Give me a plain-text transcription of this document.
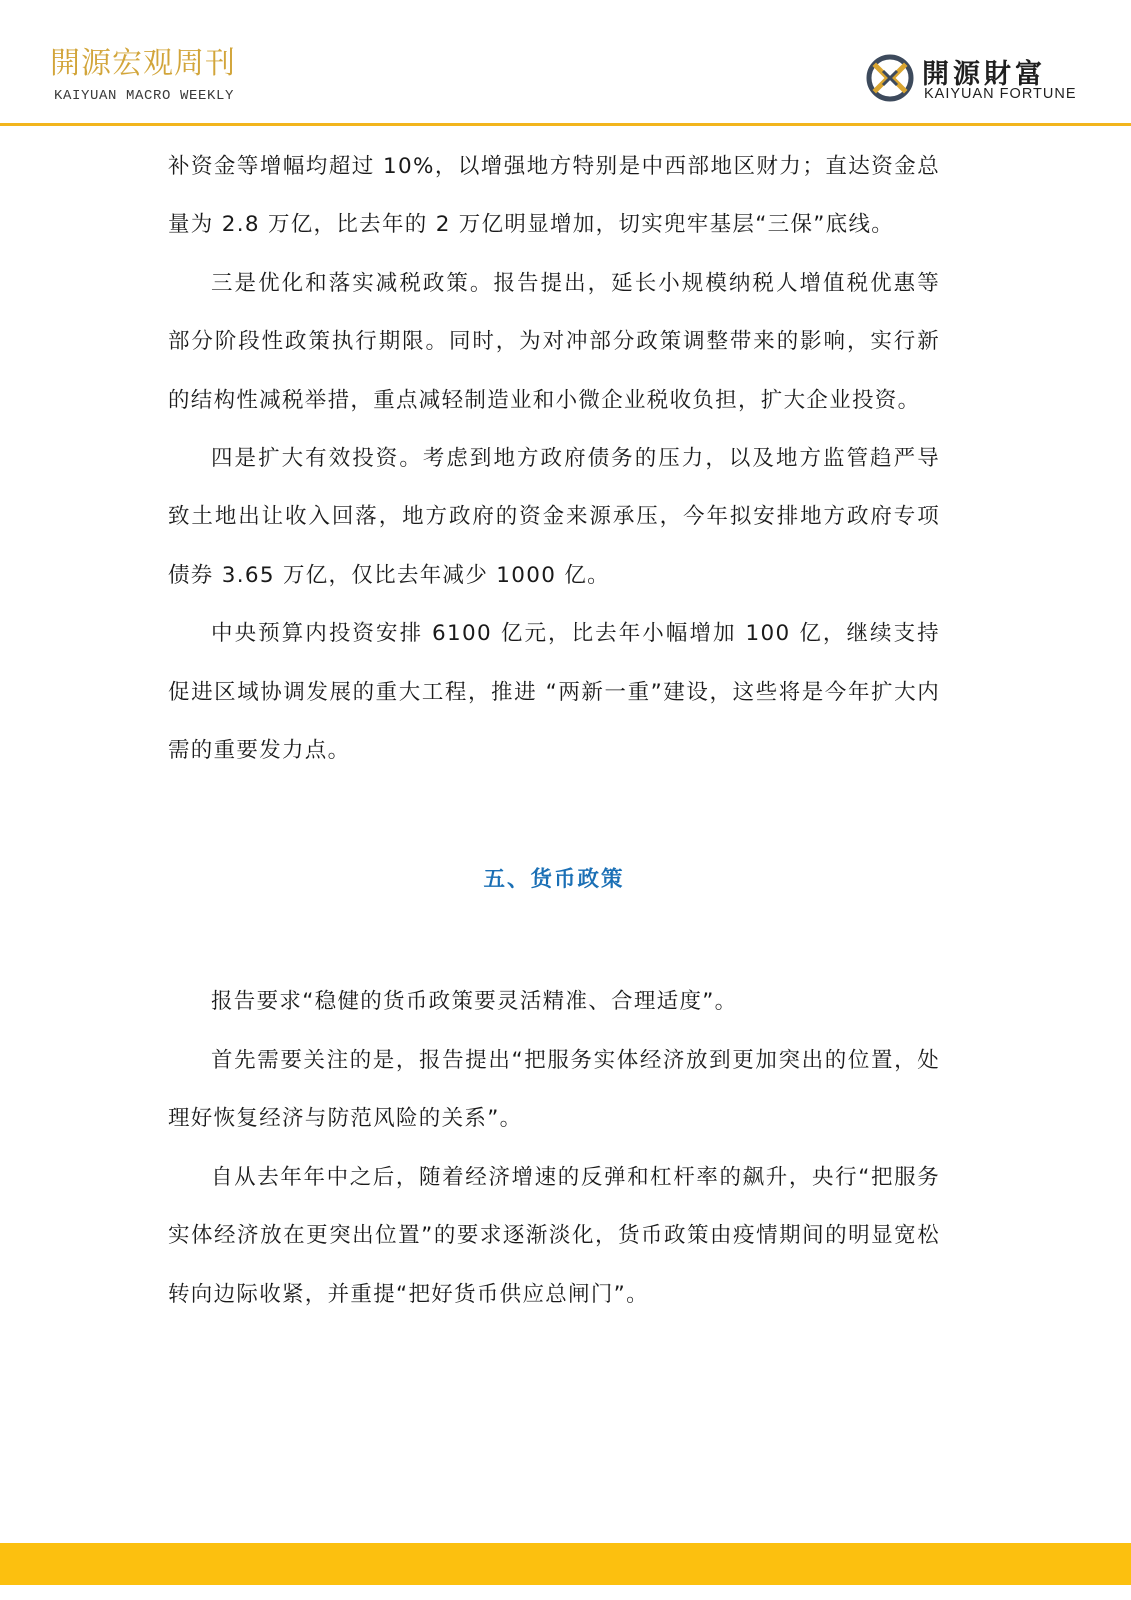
開源宏观周刊
KAIYUAN MACRO WEEKLY
開源財富
KAIYUAN FORTUNE

补资金等增幅均超过 10%，以增强地方特别是中西部地区财力；直达资金总量为 2.8 万亿，比去年的 2 万亿明显增加，切实兜牢基层“三保”底线。

三是优化和落实减税政策。报告提出，延长小规模纳税人增值税优惠等部分阶段性政策执行期限。同时，为对冲部分政策调整带来的影响，实行新的结构性减税举措，重点减轻制造业和小微企业税收负担，扩大企业投资。

四是扩大有效投资。考虑到地方政府债务的压力，以及地方监管趋严导致土地出让收入回落，地方政府的资金来源承压，今年拟安排地方政府专项债券 3.65 万亿，仅比去年减少 1000 亿。

中央预算内投资安排 6100 亿元，比去年小幅增加 100 亿，继续支持促进区域协调发展的重大工程，推进 “两新一重”建设，这些将是今年扩大内需的重要发力点。

五、货币政策

报告要求“稳健的货币政策要灵活精准、合理适度”。

首先需要关注的是，报告提出“把服务实体经济放到更加突出的位置，处理好恢复经济与防范风险的关系”。

自从去年年中之后，随着经济增速的反弹和杠杆率的飙升，央行“把服务实体经济放在更突出位置”的要求逐渐淡化，货币政策由疫情期间的明显宽松转向边际收紧，并重提“把好货币供应总闸门”。
